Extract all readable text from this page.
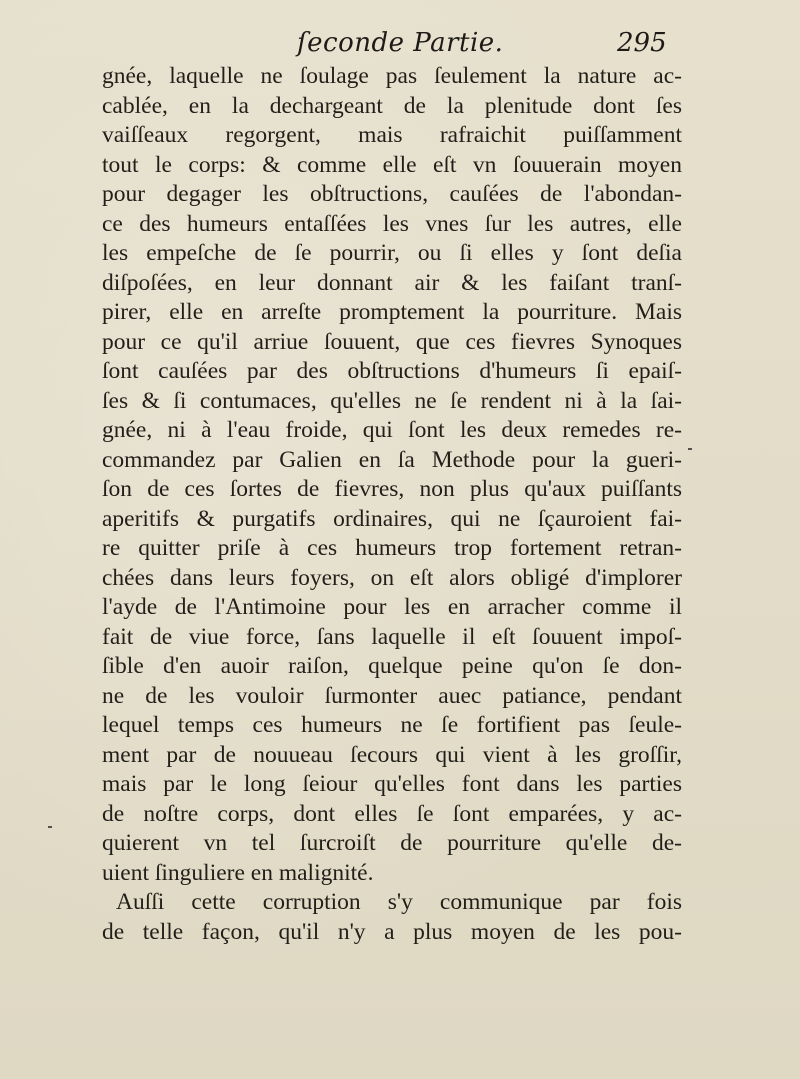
ſeconde Partie.	295
gnée, laquelle ne ſoulage pas ſeulement la nature ac-
cablée, en la dechargeant de la plenitude dont ſes
vaiſſeaux regorgent, mais rafraichit puiſſamment
tout le corps: & comme elle eſt vn ſouuerain moyen
pour degager les obſtructions, cauſées de l'abondan-
ce des humeurs entaſſées les vnes ſur les autres, elle
les empeſche de ſe pourrir, ou ſi elles y ſont deſia
diſpoſées, en leur donnant air & les faiſant tranſ-
pirer, elle en arreſte promptement la pourriture. Mais
pour ce qu'il arriue ſouuent, que ces fievres Synoques
ſont cauſées par des obſtructions d'humeurs ſi epaiſ-
ſes & ſi contumaces, qu'elles ne ſe rendent ni à la ſai-
gnée, ni à l'eau froide, qui ſont les deux remedes re-
commandez par Galien en ſa Methode pour la gueri-
ſon de ces ſortes de fievres, non plus qu'aux puiſſants
aperitifs & purgatifs ordinaires, qui ne ſçauroient fai-
re quitter priſe à ces humeurs trop fortement retran-
chées dans leurs foyers, on eſt alors obligé d'implorer
l'ayde de l'Antimoine pour les en arracher comme il
fait de viue force, ſans laquelle il eſt ſouuent impoſ-
ſible d'en auoir raiſon, quelque peine qu'on ſe don-
ne de les vouloir ſurmonter auec patiance, pendant
lequel temps ces humeurs ne ſe fortifient pas ſeule-
ment par de nouueau ſecours qui vient à les groſſir,
mais par le long ſeiour qu'elles font dans les parties
de noſtre corps, dont elles ſe ſont emparées, y ac-
quierent vn tel ſurcroiſt de pourriture qu'elle de-
uient ſinguliere en malignité.
Auſſi cette corruption s'y communique par fois
de telle façon, qu'il n'y a plus moyen de les pou-
